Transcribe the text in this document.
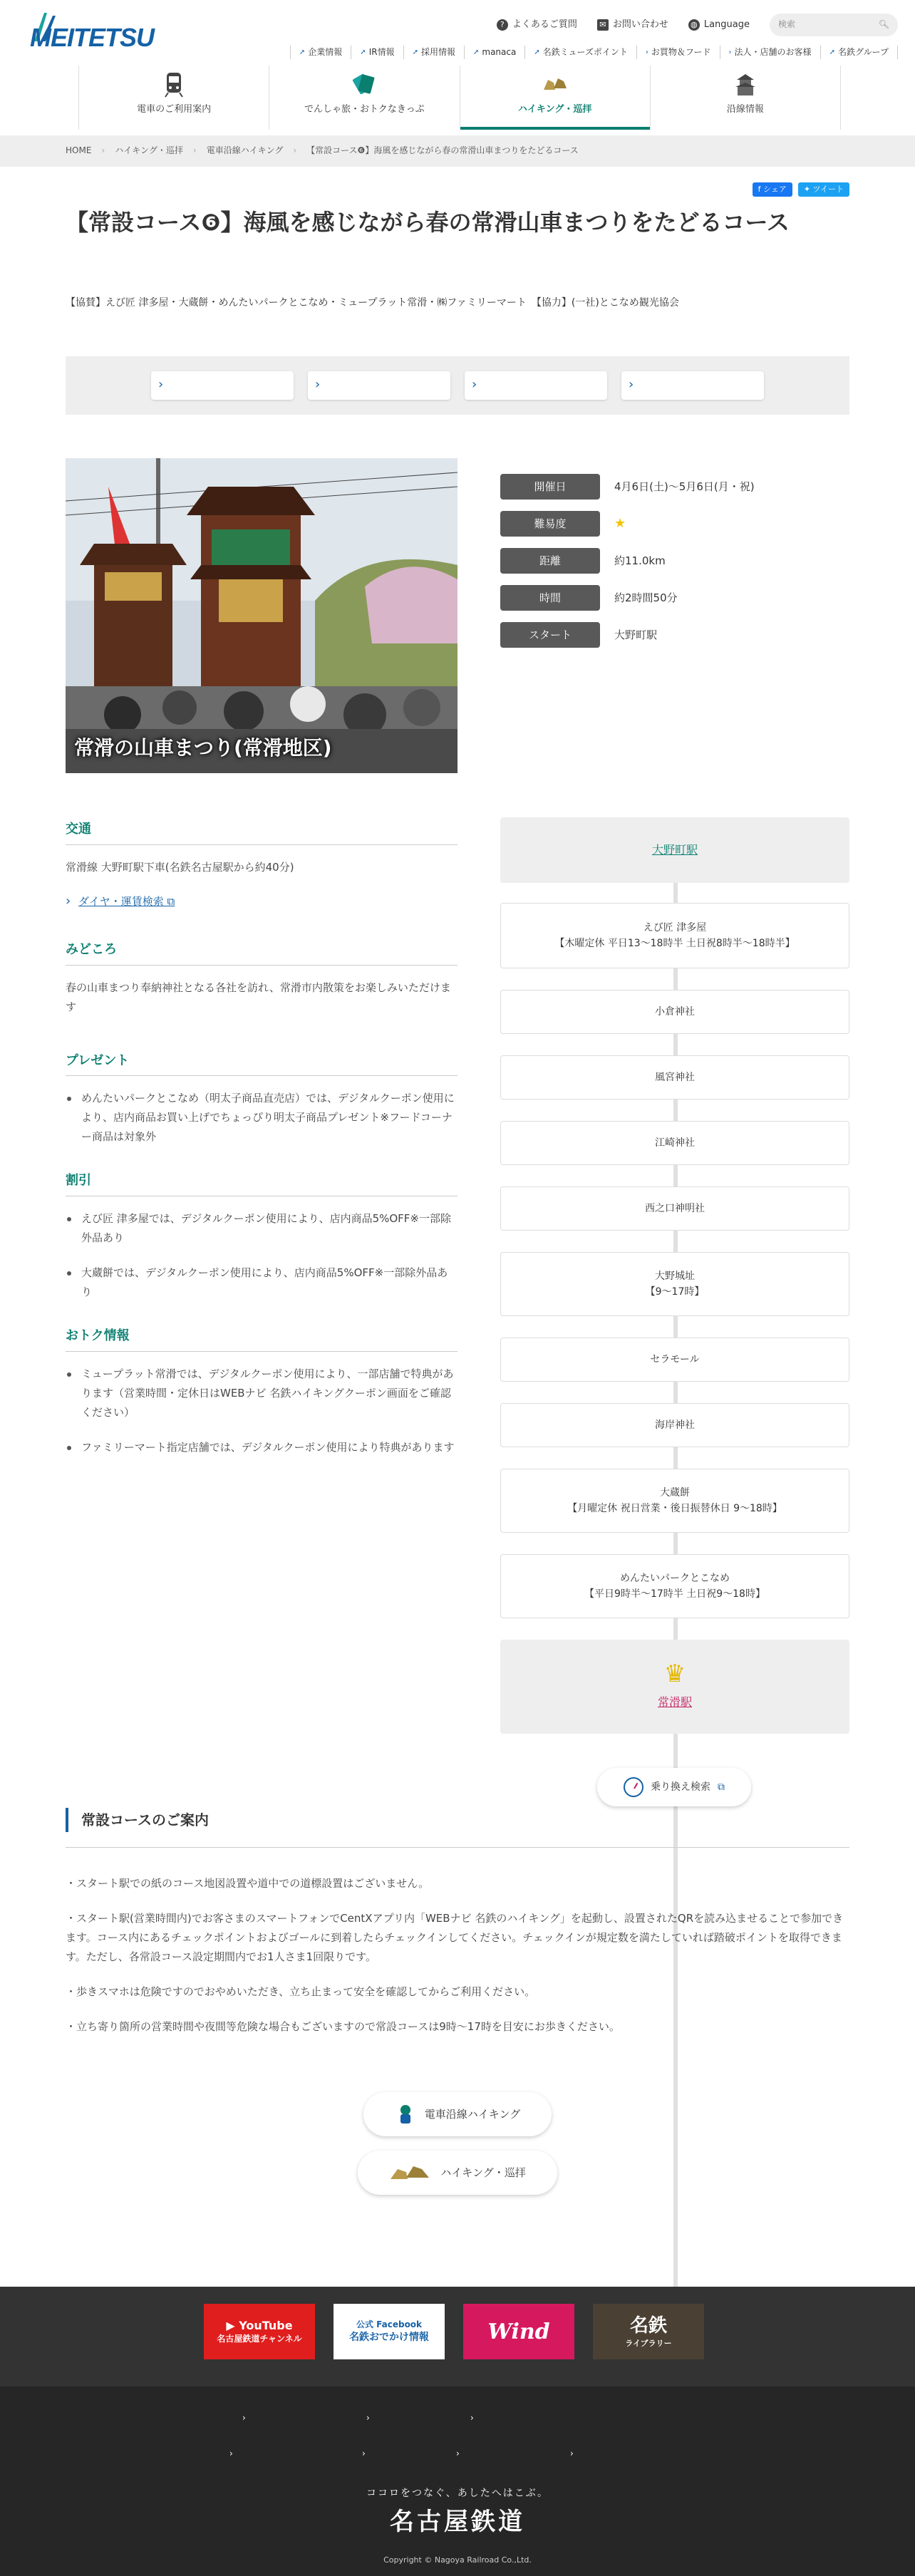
MEITETSU	? よくあるご質問	✉ お問い合わせ	◍ Language	検索	🔍︎
➚ 企業情報	➚ IR情報	➚ 採用情報	➚ manaca	➚ 名鉄ミューズポイント	› お買物＆フード	› 法人・店舗のお客様	➚ 名鉄グループ
電車のご利用案内	でんしゃ旅・おトクなきっぷ	ハイキング・巡拝	沿線情報
HOME › ハイキング・巡拝 › 電車沿線ハイキング › 【常設コース❻】海風を感じながら春の常滑山車まつりをたどるコース
f シェア	✦ ツイート
【常設コース❻】海風を感じながら春の常滑山車まつりをたどるコース

【協賛】えび匠 津多屋・大蔵餅・めんたいパークとこなめ・ミュープラット常滑・㈱ファミリーマート　【協力】(一社)とこなめ観光協会

›
›
›
›
常滑の山車まつり(常滑地区)
開催日	4月6日(土)〜5月6日(月・祝)
難易度	★
距離	約11.0km
時間	約2時間50分
スタート	大野町駅
交通

常滑線 大野町駅下車(名鉄名古屋駅から約40分)

› ダイヤ・運賃検索 ⧉
みどころ

春の山車まつり奉納神社となる各社を訪れ、常滑市内散策をお楽しみいただけます

プレゼント
めんたいパークとこなめ（明太子商品直売店）では、デジタルクーポン使用により、店内商品お買い上げでちょっぴり明太子商品プレゼント※フードコーナー商品は対象外
割引
えび匠 津多屋では、デジタルクーポン使用により、店内商品5%OFF※一部除外品あり
大蔵餅では、デジタルクーポン使用により、店内商品5%OFF※一部除外品あり
おトク情報
ミュープラット常滑では、デジタルクーポン使用により、一部店舗で特典があります（営業時間・定休日はWEBナビ 名鉄ハイキングクーポン画面をご確認ください）
ファミリーマート指定店舗では、デジタルクーポン使用により特典があります
大野町駅
えび匠 津多屋
【木曜定休 平日13〜18時半 土日祝8時半〜18時半】
小倉神社
風宮神社
江崎神社
西之口神明社
大野城址
【9〜17時】
セラモール
海岸神社
大蔵餅
【月曜定休 祝日営業・後日振替休日 9〜18時】
めんたいパークとこなめ
【平日9時半〜17時半 土日祝9〜18時】
♛
常滑駅
乗り換え検索 ⧉
常設コースのご案内

・スタート駅での紙のコース地図設置や道中での道標設置はございません。

・スタート駅(営業時間内)でお客さまのスマートフォンでCentXアプリ内「WEBナビ 名鉄のハイキング」を起動し、設置されたQRを読み込ませることで参加できます。コース内にあるチェックポイントおよびゴールに到着したらチェックインしてください。チェックインが規定数を満たしていれば踏破ポイントを取得できます。ただし、各常設コース設定期間内でお1人さま1回限りです。

・歩きスマホは危険ですのでおやめいただき、立ち止まって安全を確認してからご利用ください。

・立ち寄り箇所の営業時間や夜間等危険な場合もございますので常設コースは9時〜17時を目安にお歩きください。

電車沿線ハイキング
ハイキング・巡拝
▶ YouTube
名古屋鉄道チャンネル
公式 Facebook
名鉄おでかけ情報	Wind	名鉄
ライブラリー
›	›	›
›	›	›	›
ココロをつなぐ、あしたへはこぶ。
名古屋鉄道
Copyright © Nagoya Railroad Co.,Ltd.
